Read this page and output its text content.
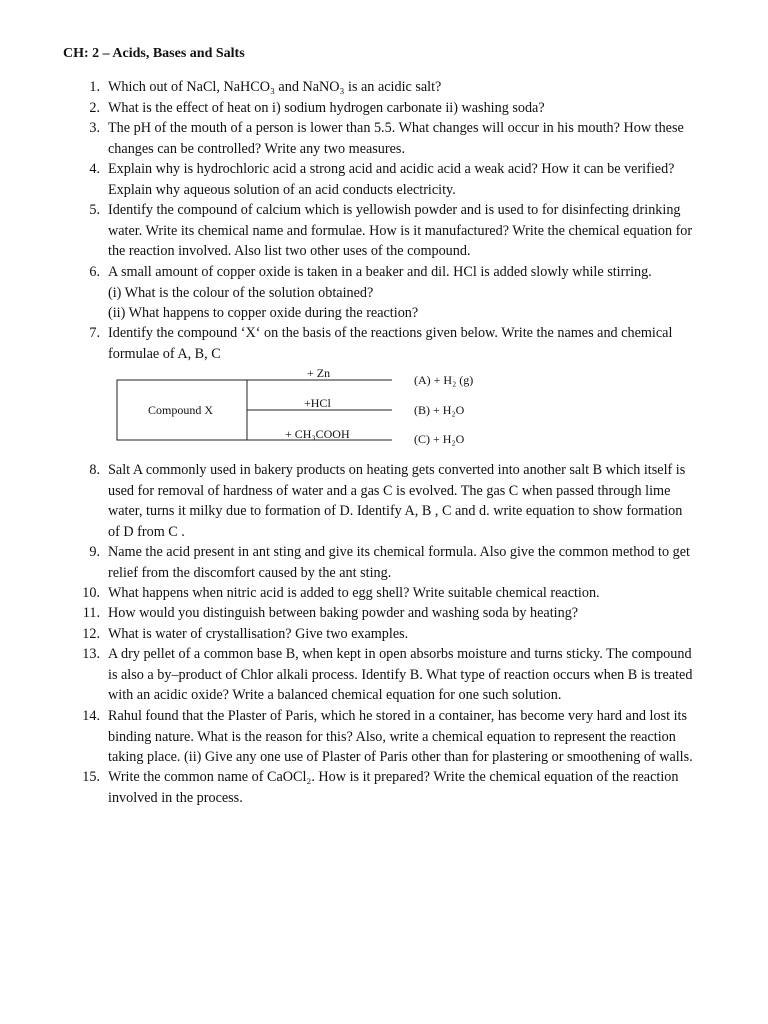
CH: 2 – Acids, Bases and Salts
1. Which out of NaCl, NaHCO₃ and NaNO₃ is an acidic salt?
2. What is the effect of heat on i) sodium hydrogen carbonate ii) washing soda?
3. The pH of the mouth of a person is lower than 5.5. What changes will occur in his mouth? How these
changes can be controlled? Write any two measures.
4. Explain why is hydrochloric acid a strong acid and acidic acid a weak acid? How it can be verified?
Explain why aqueous solution of an acid conducts electricity.
5. Identify the compound of calcium which is yellowish powder and is used to for disinfecting drinking
water. Write its chemical name and formulae. How is it manufactured? Write the chemical equation for
the reaction involved. Also list two other uses of the compound.
6. A small amount of copper oxide is taken in a beaker and dil. HCl is added slowly while stirring.
(i) What is the colour of the solution obtained?
(ii) What happens to copper oxide during the reaction?
7. Identify the compound ‘X‘ on the basis of the reactions given below. Write the names and chemical
formulae of A, B, C
8. Salt A commonly used in bakery products on heating gets converted into another salt B which itself is
used for removal of hardness of water and a gas C is evolved. The gas C when passed through lime
water, turns it milky due to formation of D. Identify A, B , C and d. write equation to show formation
of D from C .
9. Name the acid present in ant sting and give its chemical formula. Also give the common method to get
relief from the discomfort caused by the ant sting.
10. What happens when nitric acid is added to egg shell? Write suitable chemical reaction.
11. How would you distinguish between baking powder and washing soda by heating?
12. What is water of crystallisation? Give two examples.
13. A dry pellet of a common base B, when kept in open absorbs moisture and turns sticky. The compound
is also a by–product of Chlor alkali process. Identify B. What type of reaction occurs when B is treated
with an acidic oxide? Write a balanced chemical equation for one such solution.
14. Rahul found that the Plaster of Paris, which he stored in a container, has become very hard and lost its
binding nature. What is the reason for this? Also, write a chemical equation to represent the reaction
taking place. (ii) Give any one use of Plaster of Paris other than for plastering or smoothening of walls.
15. Write the common name of CaOCl₂. How is it prepared? Write the chemical equation of the reaction
involved in the process.
Compound X
+ Zn
+HCl
+ CH₃COOH
(A) + H₂ (g)
(B) + H₂O
(C) + H₂O
